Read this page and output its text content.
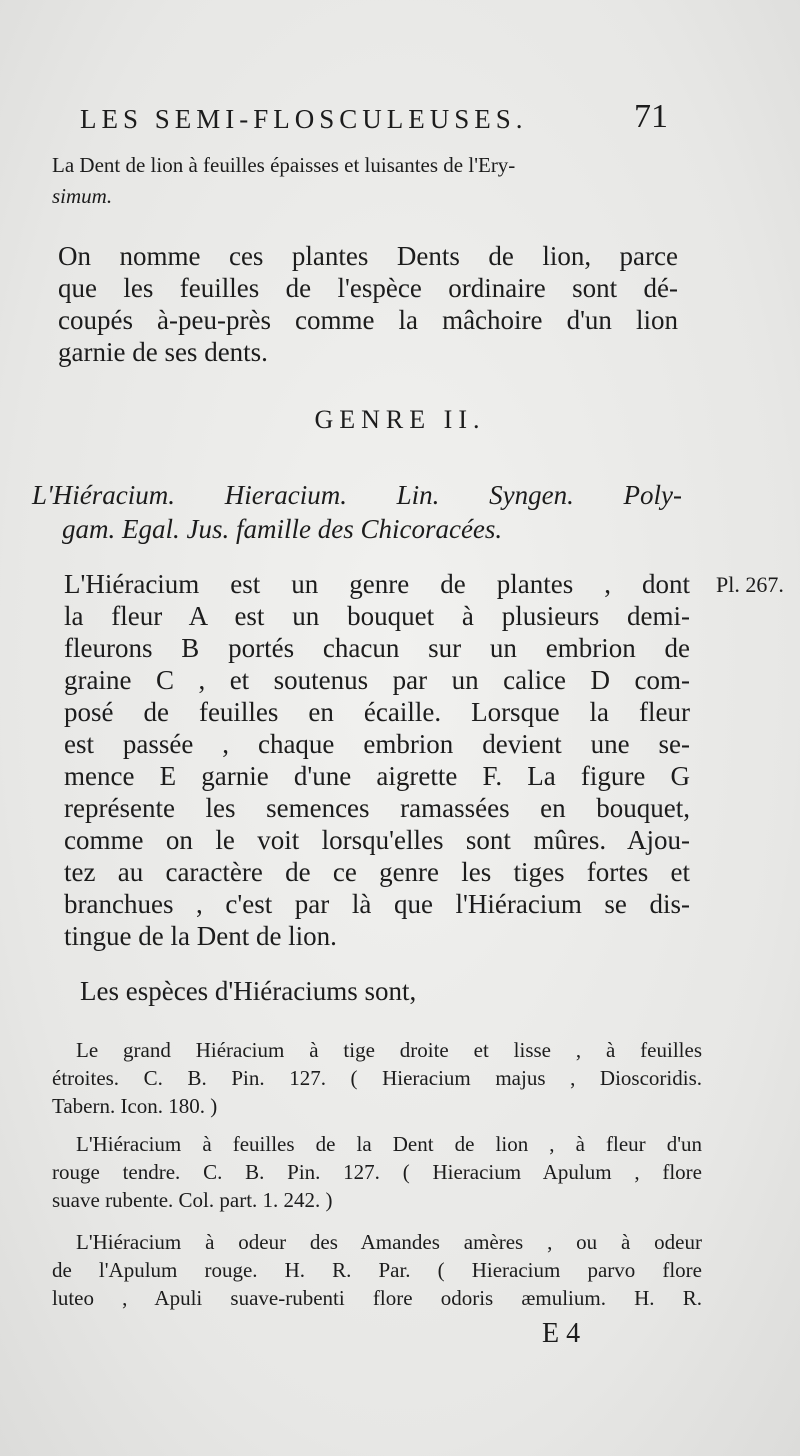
LES SEMI-FLOSCULEUSES.	71
La Dent de lion à feuilles épaisses et luisantes de l'Ery-
simum.
On nomme ces plantes Dents de lion, parce
que les feuilles de l'espèce ordinaire sont dé-
coupés à-peu-près comme la mâchoire d'un lion
garnie de ses dents.
GENRE II.
L'Hiéracium. Hieracium. Lin. Syngen. Poly-
gam. Egal. Jus. famille des Chicoracées.
Pl. 267.
L'Hiéracium est un genre de plantes , dont
la fleur A est un bouquet à plusieurs demi-
fleurons B portés chacun sur un embrion de
graine C , et soutenus par un calice D com-
posé de feuilles en écaille. Lorsque la fleur
est passée , chaque embrion devient une se-
mence E garnie d'une aigrette F. La figure G
représente les semences ramassées en bouquet,
comme on le voit lorsqu'elles sont mûres. Ajou-
tez au caractère de ce genre les tiges fortes et
branchues , c'est par là que l'Hiéracium se dis-
tingue de la Dent de lion.
Les espèces d'Hiéraciums sont,
Le grand Hiéracium à tige droite et lisse , à feuilles
étroites. C. B. Pin. 127. ( Hieracium majus , Dioscoridis.
Tabern. Icon. 180. )
L'Hiéracium à feuilles de la Dent de lion , à fleur d'un
rouge tendre. C. B. Pin. 127. ( Hieracium Apulum , flore
suave rubente. Col. part. 1. 242. )
L'Hiéracium à odeur des Amandes amères , ou à odeur
de l'Apulum rouge. H. R. Par. ( Hieracium parvo flore
luteo , Apuli suave-rubenti flore odoris æmulium. H. R.
E 4
